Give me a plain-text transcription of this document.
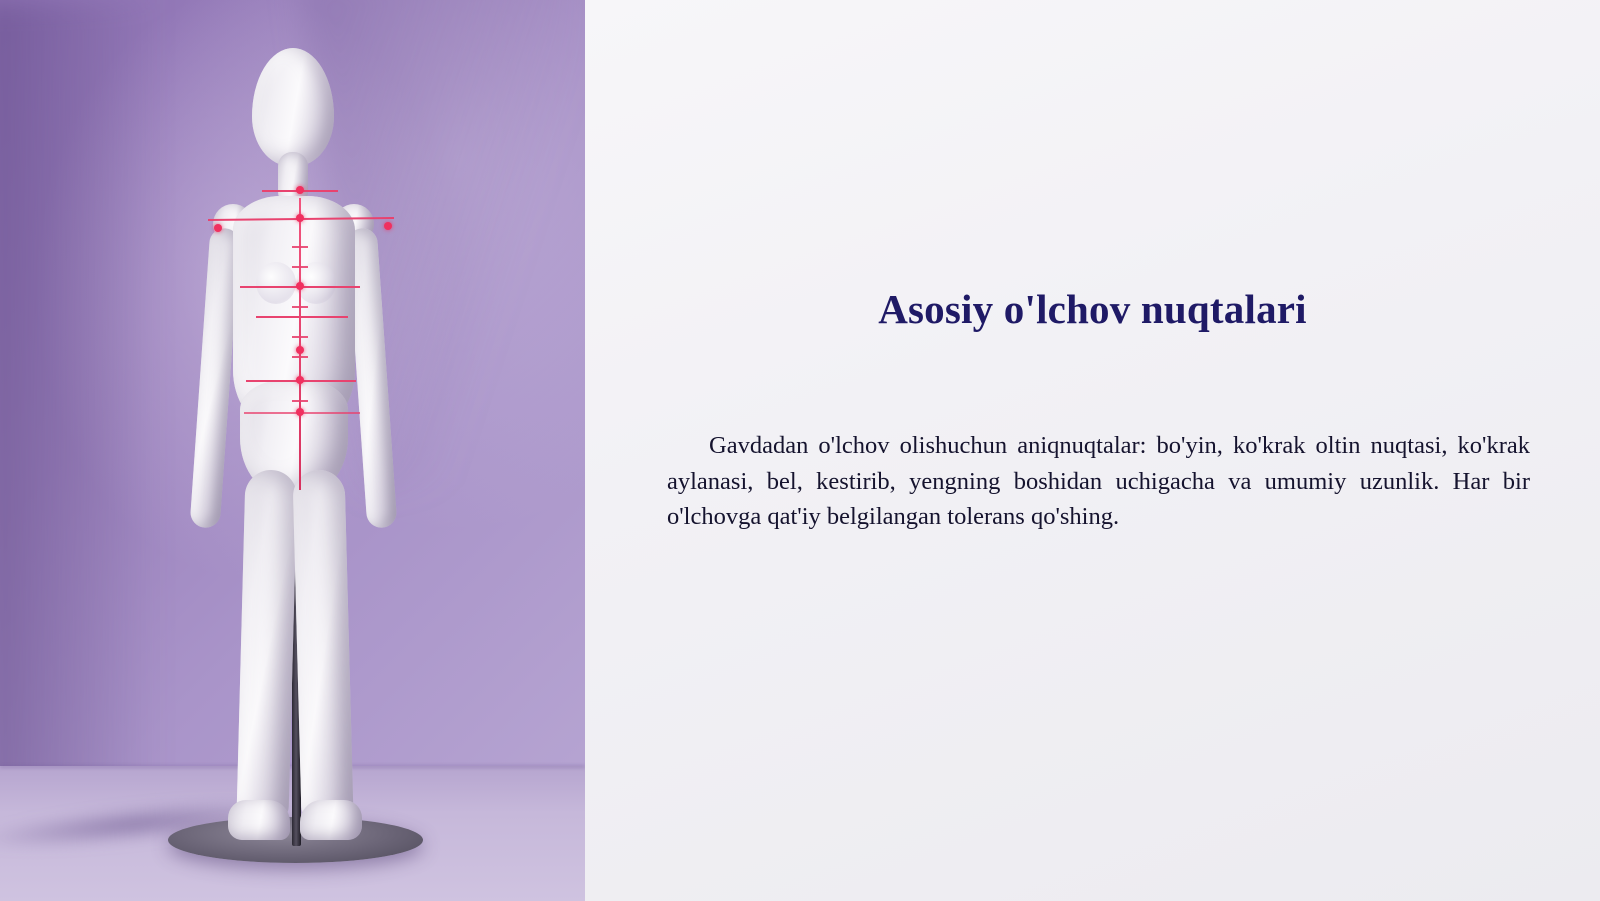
Asosiy o'lchov nuqtalari

Gavdadan o'lchov olishuchun aniqnuqtalar: bo'yin, ko'krak oltin nuqtasi, ko'krak aylanasi, bel, kestirib, yengning boshidan uchigacha va umumiy uzunlik. Har bir o'lchovga qat'iy belgilangan tolerans qo'shing.
